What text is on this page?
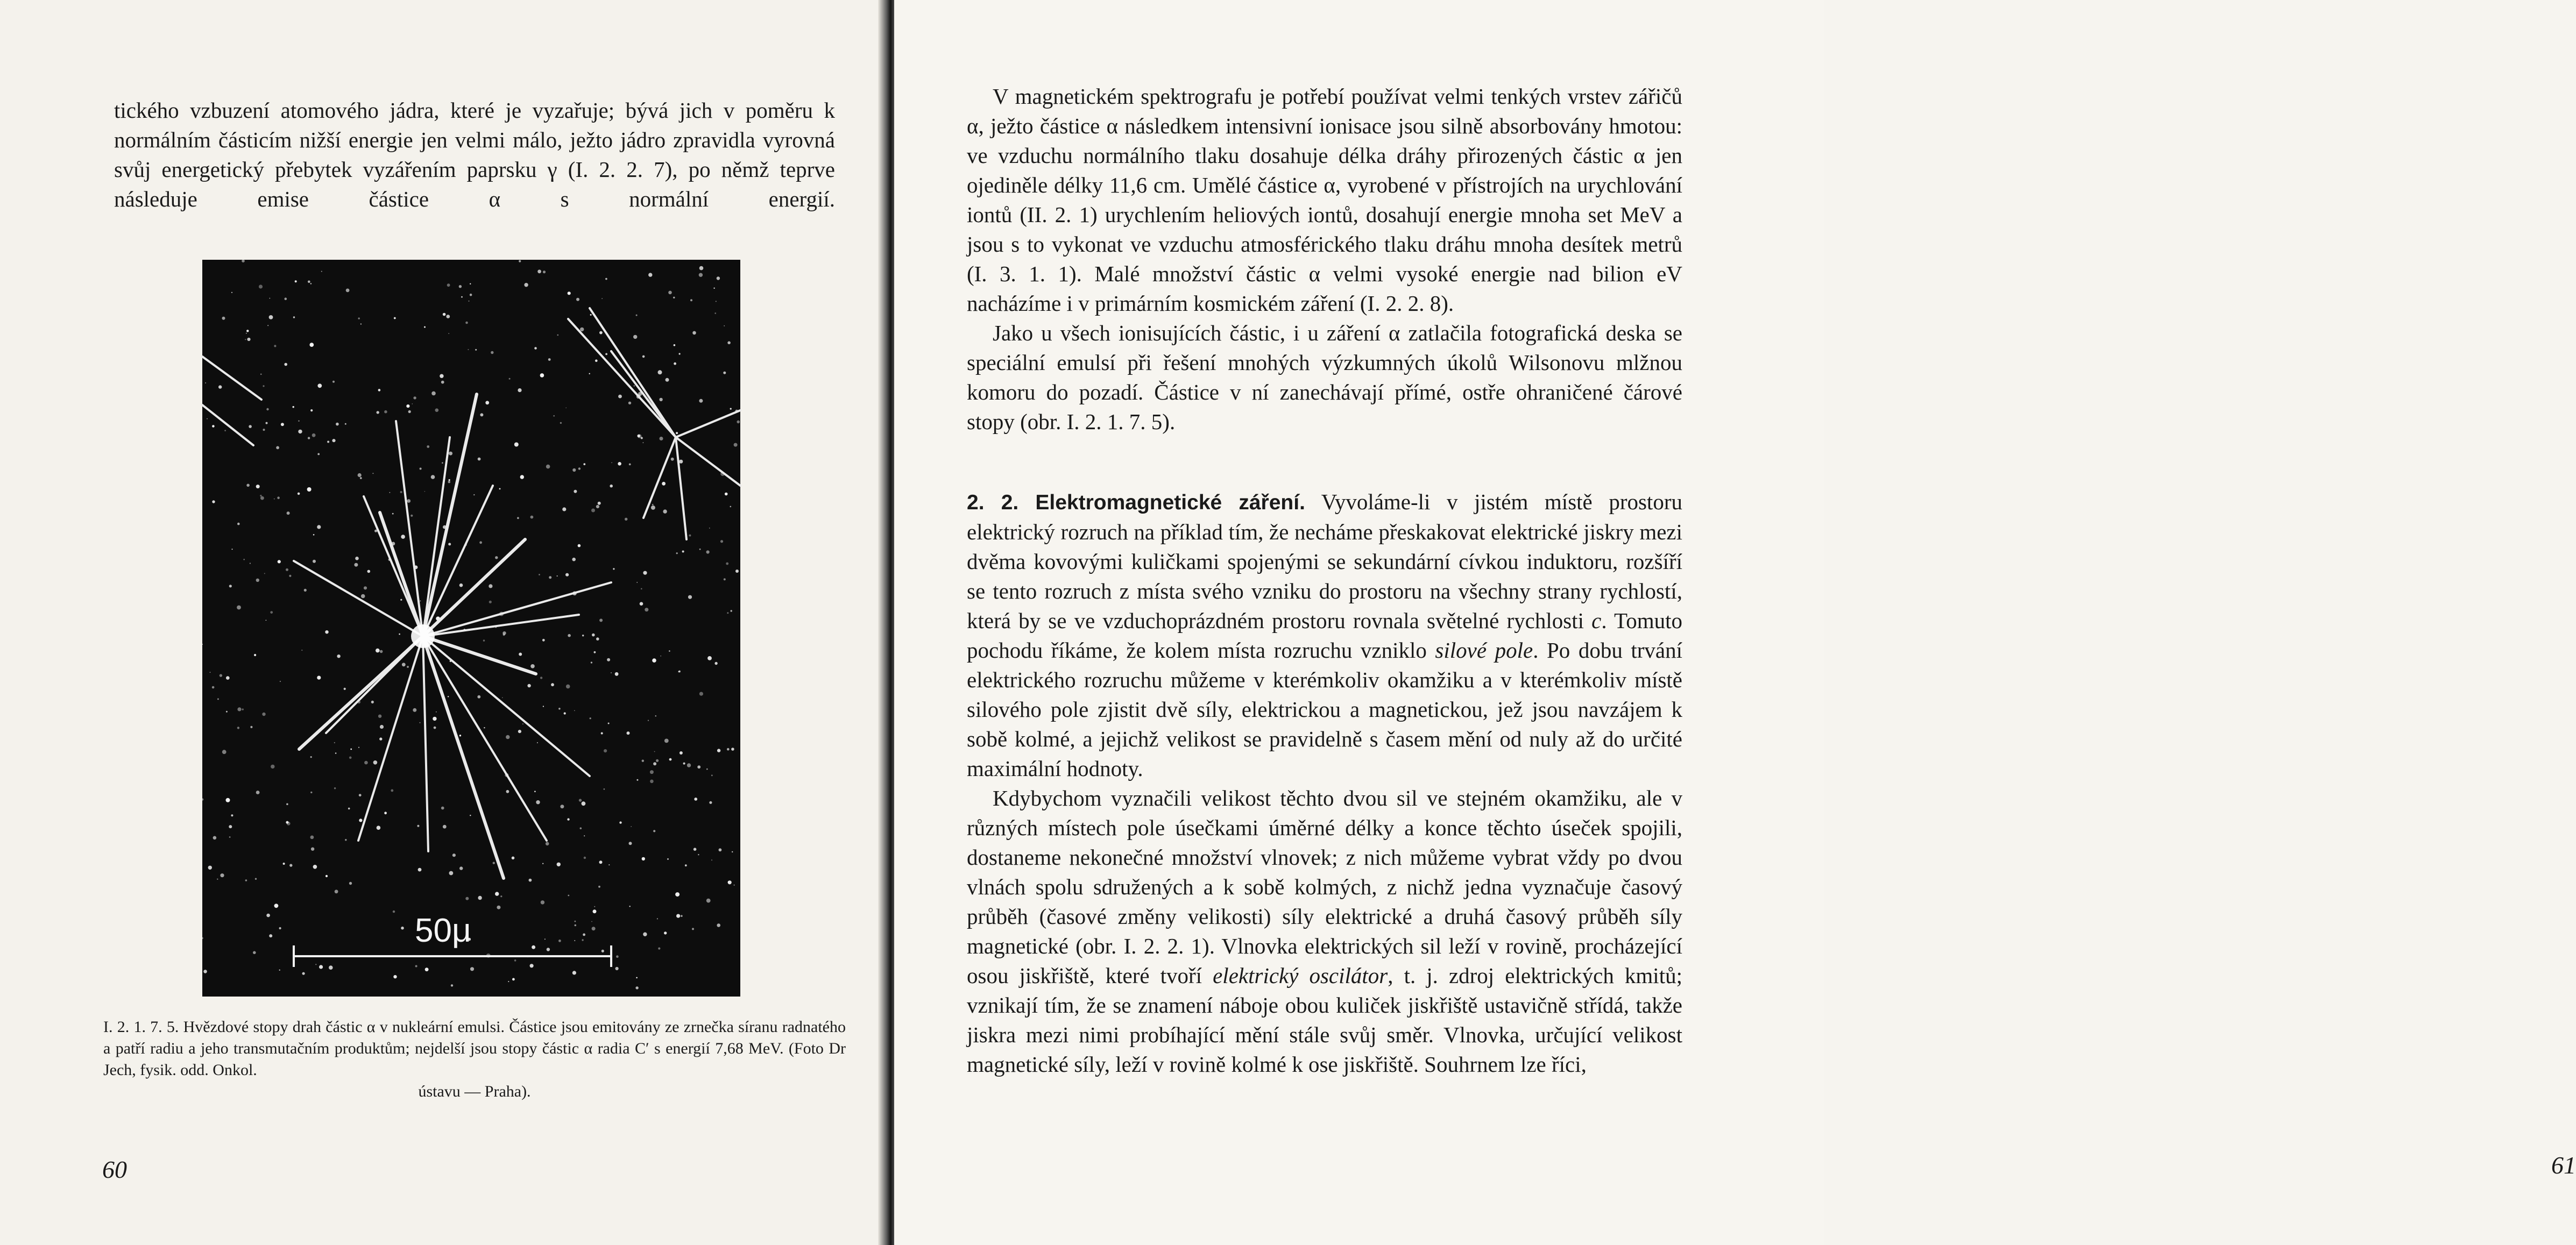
tického vzbuzení atomového jádra, které je vyzařuje; bývá jich v poměru k normálním částicím nižší energie jen velmi málo, ježto jádro zpravidla vyrovná svůj energetický přebytek vyzářením paprsku γ (I. 2. 2. 7), po němž teprve následuje emise částice α s normální energií.

50μ

I. 2. 1. 7. 5. Hvězdové stopy drah částic α v nukleární emulsi. Částice jsou emitovány ze zrnečka síranu radnatého a patří radiu a jeho transmutačním produktům; nejdelší jsou stopy částic α radia C′ s energií 7,68 MeV. (Foto Dr Jech, fysik. odd. Onkol.

ústavu — Praha).

60	61

V magnetickém spektrografu je potřebí používat velmi tenkých vrstev zářičů α, ježto částice α následkem intensivní ionisace jsou silně absorbovány hmotou: ve vzduchu normálního tlaku dosahuje délka dráhy přirozených částic α jen ojediněle délky 11,6 cm. Umělé částice α, vyrobené v přístrojích na urychlování iontů (II. 2. 1) urychlením heliových iontů, dosahují energie mnoha set MeV a jsou s to vykonat ve vzduchu atmosférického tlaku dráhu mnoha desítek metrů (I. 3. 1. 1). Malé množství částic α velmi vysoké energie nad bilion eV nacházíme i v primárním kosmickém záření (I. 2. 2. 8).

Jako u všech ionisujících částic, i u záření α zatlačila fotografická deska se speciální emulsí při řešení mnohých výzkumných úkolů Wilsonovu mlžnou komoru do pozadí. Částice v ní zanechávají přímé, ostře ohraničené čárové stopy (obr. I. 2. 1. 7. 5).

2. 2. Elektromagnetické záření. Vyvoláme-li v jistém místě prostoru elektrický rozruch na příklad tím, že necháme přeskakovat elektrické jiskry mezi dvěma kovovými kuličkami spojenými se sekundární cívkou induktoru, rozšíří se tento rozruch z místa svého vzniku do prostoru na všechny strany rychlostí, která by se ve vzduchoprázdném prostoru rovnala světelné rychlosti c. Tomuto pochodu říkáme, že kolem místa rozruchu vzniklo silové pole. Po dobu trvání elektrického rozruchu můžeme v kterémkoliv okamžiku a v kterémkoliv místě silového pole zjistit dvě síly, elektrickou a magnetickou, jež jsou navzájem k sobě kolmé, a jejichž velikost se pravidelně s časem mění od nuly až do určité maximální hodnoty.

Kdybychom vyznačili velikost těchto dvou sil ve stejném okamžiku, ale v různých místech pole úsečkami úměrné délky a konce těchto úseček spojili, dostaneme nekonečné množství vlnovek; z nich můžeme vybrat vždy po dvou vlnách spolu sdružených a k sobě kolmých, z nichž jedna vyznačuje časový průběh (časové změny velikosti) síly elektrické a druhá časový průběh síly magnetické (obr. I. 2. 2. 1). Vlnovka elektrických sil leží v rovině, procházející osou jiskřiště, které tvoří elektrický oscilátor, t. j. zdroj elektrických kmitů; vznikají tím, že se znamení náboje obou kuliček jiskřiště ustavičně střídá, takže jiskra mezi nimi probíhající mění stále svůj směr. Vlnovka, určující velikost magnetické síly, leží v rovině kolmé k ose jiskřiště. Souhrnem lze říci,
